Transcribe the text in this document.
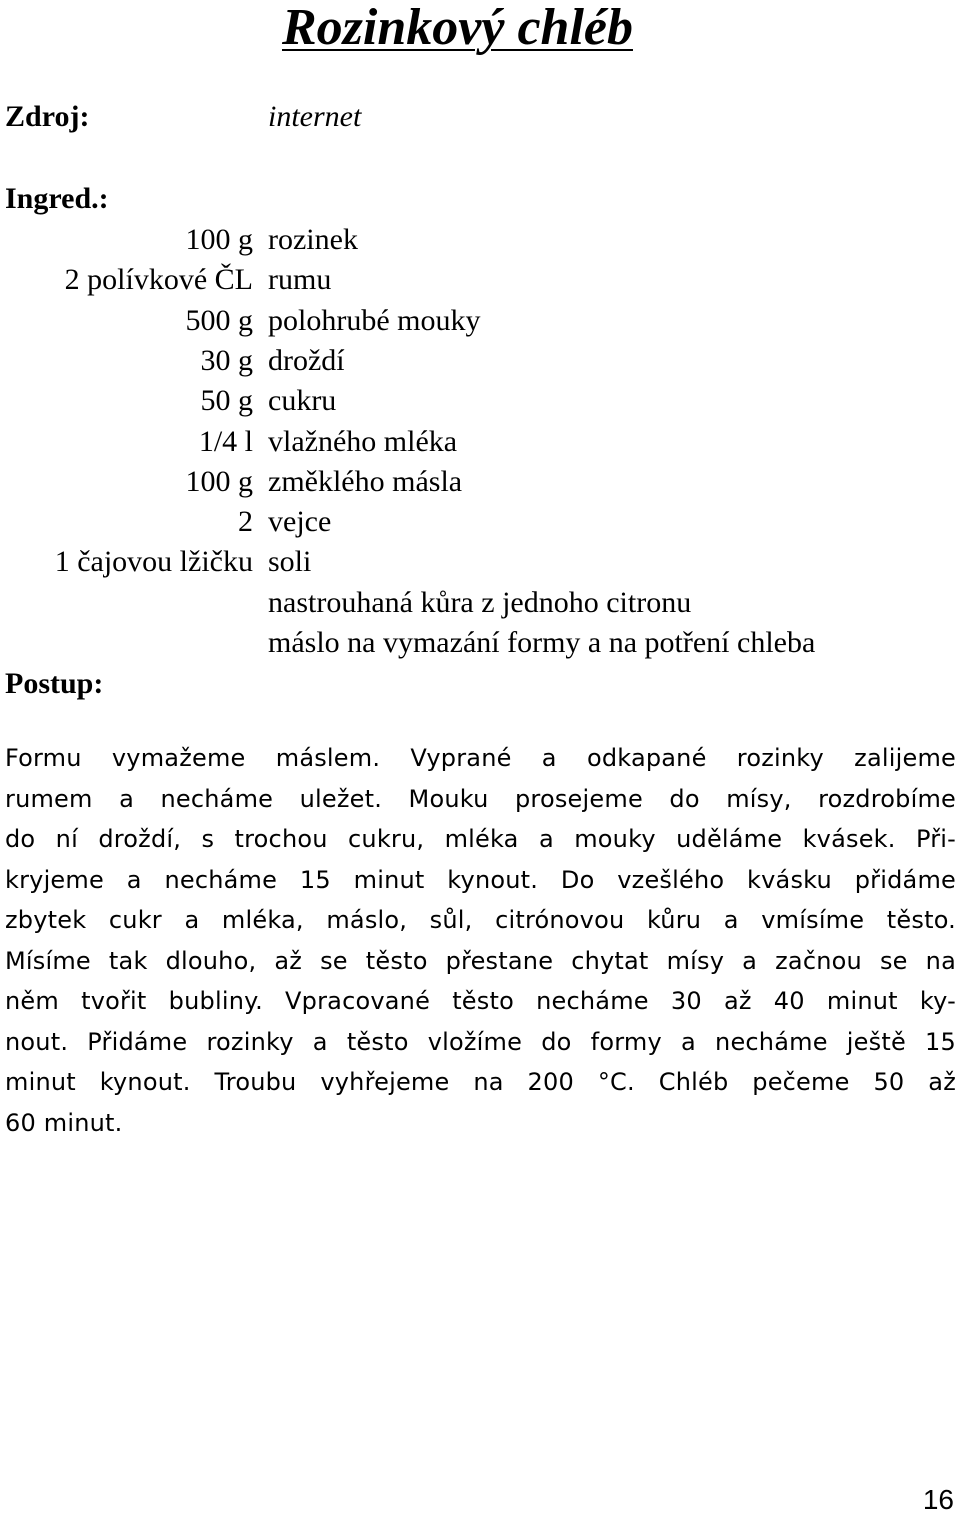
Rozinkový chléb
Zdroj:	internet
Ingred.:
100 g rozinek
2 polívkové ČL rumu
500 g polohrubé mouky
30 g droždí
50 g cukru
1/4 l vlažného mléka
100 g změklého másla
2 vejce
1 čajovou lžičku soli
nastrouhaná kůra z jednoho citronu
máslo na vymazání formy a na potření chleba
Postup:
Formu vymažeme máslem. Vyprané a odkapané rozinky zalijeme
rumem a necháme uležet. Mouku prosejeme do mísy, rozdrobíme
do ní droždí, s trochou cukru, mléka a mouky uděláme kvásek. Při-
kryjeme a necháme 15 minut kynout. Do vzešlého kvásku přidáme
zbytek cukr a mléka, máslo, sůl, citrónovou kůru a vmísíme těsto.
Mísíme tak dlouho, až se těsto přestane chytat mísy a začnou se na
něm tvořit bubliny. Vpracované těsto necháme 30 až 40 minut ky-
nout. Přidáme rozinky a těsto vložíme do formy a necháme ještě 15
minut kynout. Troubu vyhřejeme na 200 °C. Chléb pečeme 50 až
60 minut.
16
